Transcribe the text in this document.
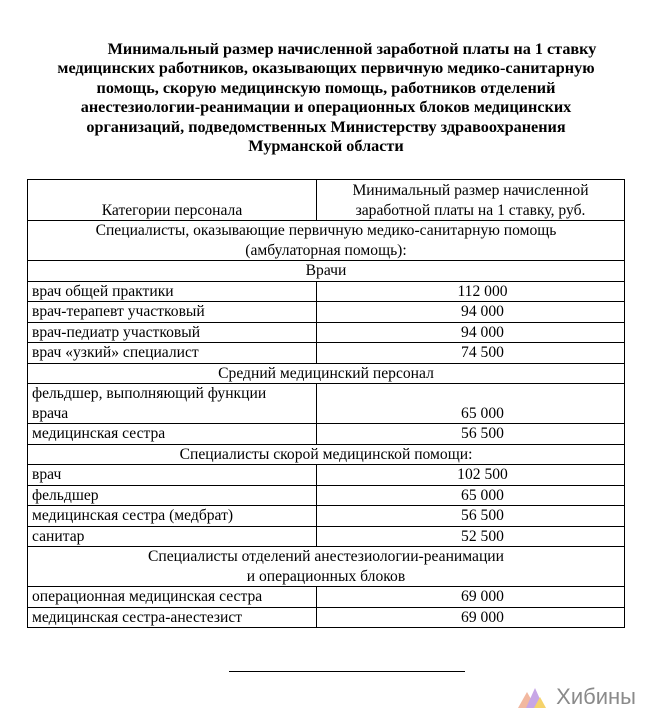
Минимальный размер начисленной заработной платы на 1 ставку
медицинских работников, оказывающих первичную медико-санитарную
помощь, скорую медицинскую помощь, работников отделений
анестезиологии-реанимации и операционных блоков медицинских
организаций, подведомственных Министерству здравоохранения
Мурманской области
Категории персонала	Минимальный размер начисленной
заработной платы на 1 ставку, руб.

Специалисты, оказывающие первичную медико-санитарную помощь
(амбулаторная помощь):	

Врачи	
врач общей практики	112 000
врач-терапевт участковый	94 000
врач-педиатр участковый	94 000
врач «узкий» специалист	74 500
Средний медицинский персонал	

фельдшер, выполняющий функции
врача	65 000
медицинская сестра	56 500
Специалисты скорой медицинской помощи:	
врач	102 500
фельдшер	65 000
медицинская сестра (медбрат)	56 500
санитар	52 500

Специалисты отделений анестезиологии-реанимации
и операционных блоков	

операционная медицинская сестра	69 000
медицинская сестра-анестезист	69 000
Хибины
